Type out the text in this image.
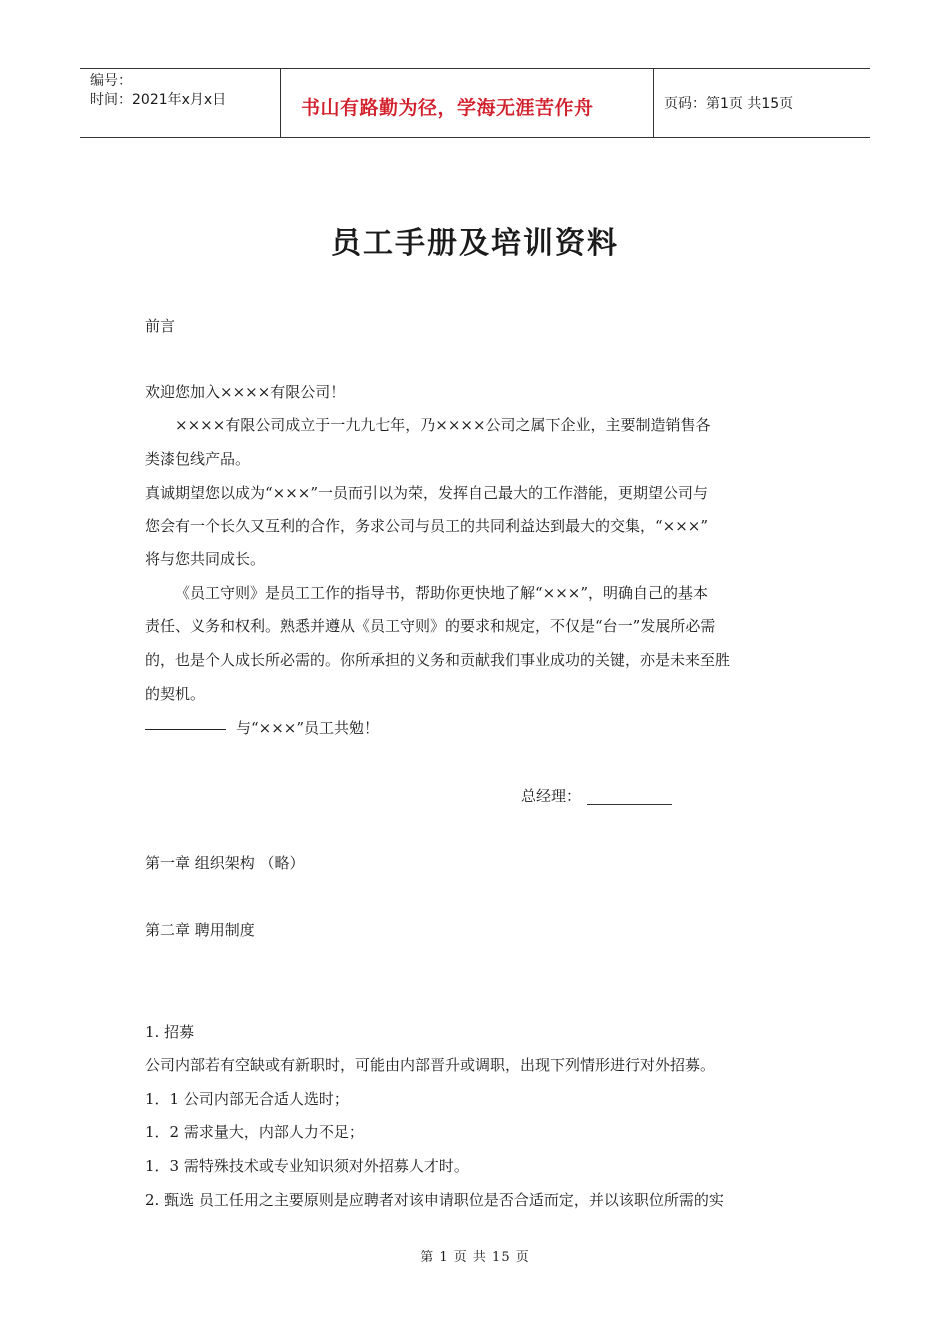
编号：
时间：2021年x月x日	书山有路勤为径，学海无涯苦作舟	页码：第1页 共15页
员工手册及培训资料
前言
欢迎您加入××××有限公司！
××××有限公司成立于一九九七年，乃××××公司之属下企业，主要制造销售各
类漆包线产品。
真诚期望您以成为“×××”一员而引以为荣，发挥自己最大的工作潜能，更期望公司与
您会有一个长久又互利的合作，务求公司与员工的共同利益达到最大的交集，“×××”
将与您共同成长。
《员工守则》是员工工作的指导书，帮助你更快地了解“×××”，明确自己的基本
责任、义务和权利。熟悉并遵从《员工守则》的要求和规定，不仅是“台一”发展所必需
的，也是个人成长所必需的。你所承担的义务和贡献我们事业成功的关键，亦是未来至胜
的契机。
与“×××”员工共勉！
总经理：
第一章 组织架构 （略）
第二章 聘用制度
1. 招募
公司内部若有空缺或有新职时，可能由内部晋升或调职，出现下列情形进行对外招募。
1．1 公司内部无合适人选时；
1．2 需求量大，内部人力不足；
1．3 需特殊技术或专业知识须对外招募人才时。
2. 甄选 员工任用之主要原则是应聘者对该申请职位是否合适而定，并以该职位所需的实
第 1 页 共 15 页
